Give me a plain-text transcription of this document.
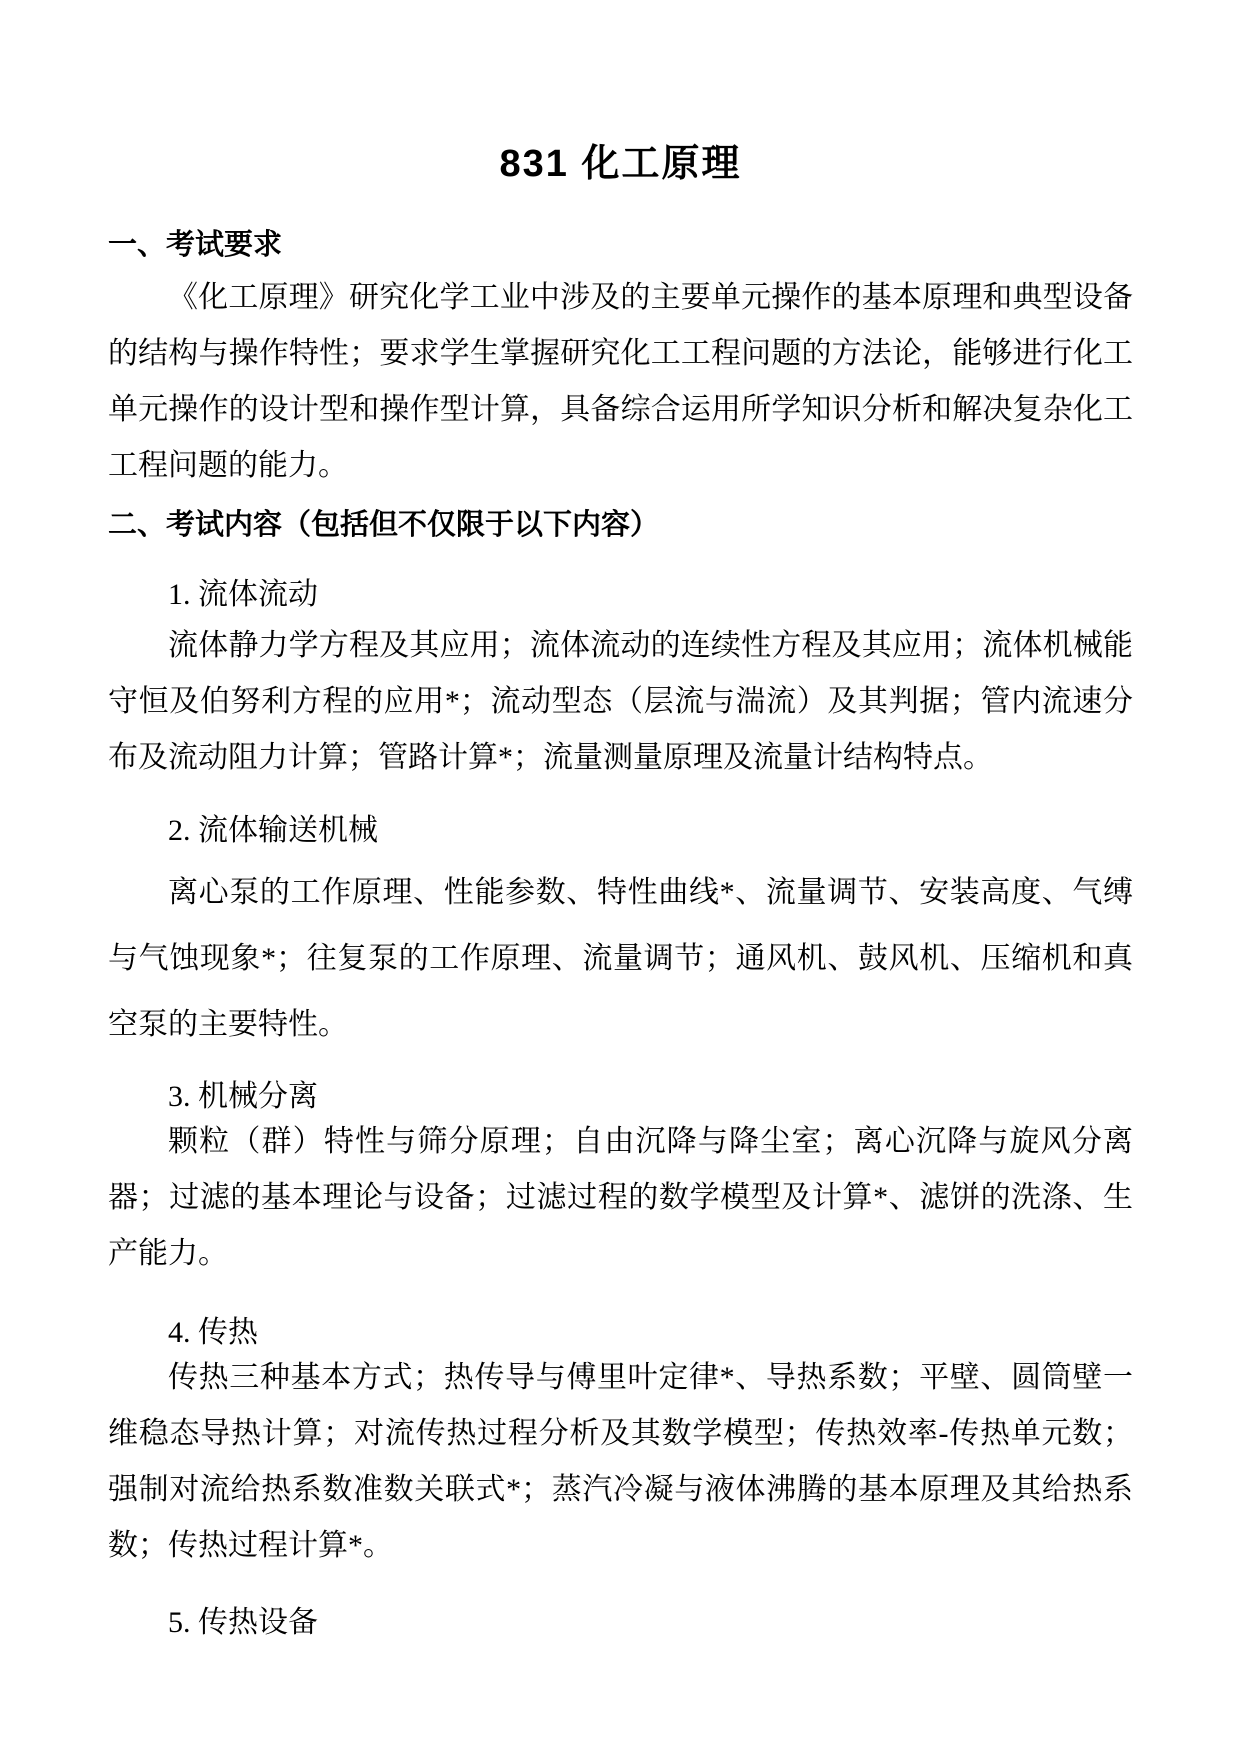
831 化工原理
一、考试要求

《化工原理》研究化学工业中涉及的主要单元操作的基本原理和典型设备的结构与操作特性；要求学生掌握研究化工工程问题的方法论，能够进行化工单元操作的设计型和操作型计算，具备综合运用所学知识分析和解决复杂化工工程问题的能力。

二、考试内容（包括但不仅限于以下内容）

1. 流体流动

流体静力学方程及其应用；流体流动的连续性方程及其应用；流体机械能守恒及伯努利方程的应用*；流动型态（层流与湍流）及其判据；管内流速分布及流动阻力计算；管路计算*；流量测量原理及流量计结构特点。

2. 流体输送机械

离心泵的工作原理、性能参数、特性曲线*、流量调节、安装高度、气缚与气蚀现象*；往复泵的工作原理、流量调节；通风机、鼓风机、压缩机和真空泵的主要特性。

3. 机械分离

颗粒（群）特性与筛分原理；自由沉降与降尘室；离心沉降与旋风分离器；过滤的基本理论与设备；过滤过程的数学模型及计算*、滤饼的洗涤、生产能力。

4. 传热

传热三种基本方式；热传导与傅里叶定律*、导热系数；平壁、圆筒壁一维稳态导热计算；对流传热过程分析及其数学模型；传热效率-传热单元数；强制对流给热系数准数关联式*；蒸汽冷凝与液体沸腾的基本原理及其给热系数；传热过程计算*。

5. 传热设备
